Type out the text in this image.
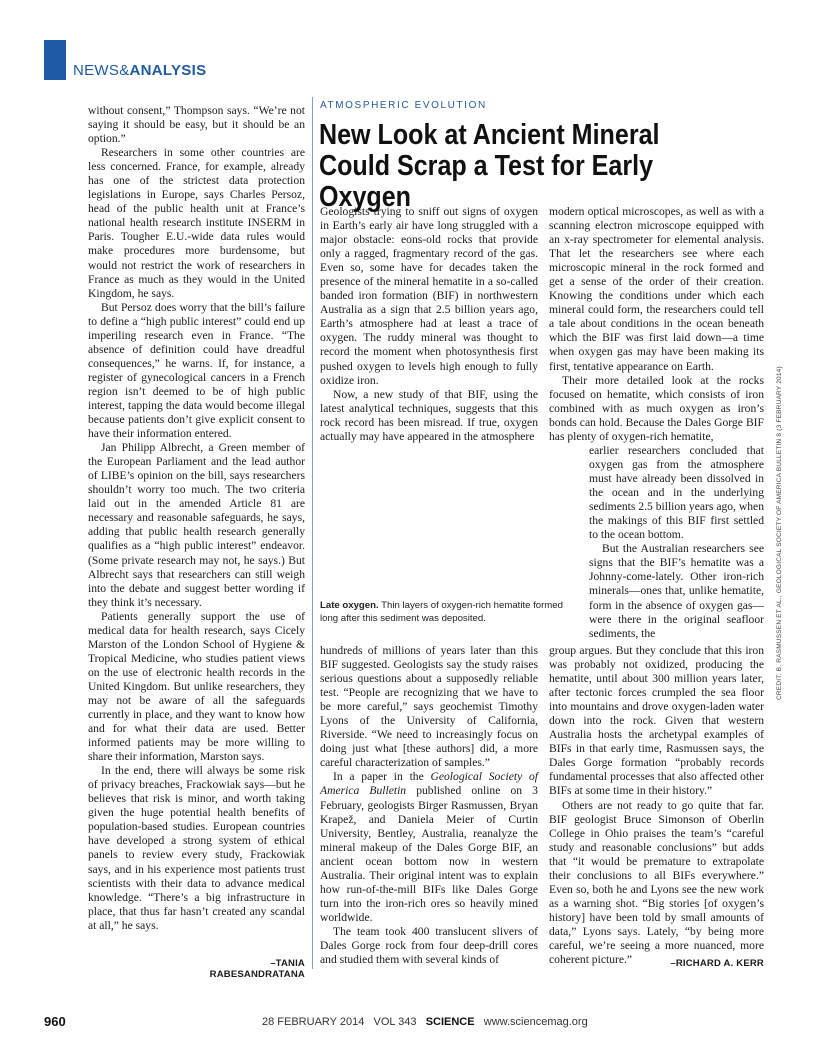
NEWS&ANALYSIS

without consent,” Thompson says. “We’re not saying it should be easy, but it should be an option.”

Researchers in some other countries are less concerned. France, for example, already has one of the strictest data protection legislations in Europe, says Charles Persoz, head of the public health unit at France’s national health research institute INSERM in Paris. Tougher E.U.-wide data rules would make procedures more burdensome, but would not restrict the work of researchers in France as much as they would in the United Kingdom, he says.

But Persoz does worry that the bill’s failure to define a “high public interest” could end up imperiling research even in France. “The absence of definition could have dreadful consequences,” he warns. If, for instance, a register of gynecological cancers in a French region isn’t deemed to be of high public interest, tapping the data would become illegal because patients don’t give explicit consent to have their information entered.

Jan Philipp Albrecht, a Green member of the European Parliament and the lead author of LIBE’s opinion on the bill, says researchers shouldn’t worry too much. The two criteria laid out in the amended Article 81 are necessary and reasonable safeguards, he says, adding that public health research generally qualifies as a “high public interest” endeavor. (Some private research may not, he says.) But Albrecht says that researchers can still weigh into the debate and suggest better wording if they think it’s necessary.

Patients generally support the use of medical data for health research, says Cicely Marston of the London School of Hygiene & Tropical Medicine, who studies patient views on the use of electronic health records in the United Kingdom. But unlike researchers, they may not be aware of all the safeguards currently in place, and they want to know how and for what their data are used. Better informed patients may be more willing to share their information, Marston says.

In the end, there will always be some risk of privacy breaches, Frackowiak says—but he believes that risk is minor, and worth taking given the huge potential health benefits of population-based studies. European countries have developed a strong system of ethical panels to review every study, Frackowiak says, and in his experience most patients trust scientists with their data to advance medical knowledge. “There’s a big infrastructure in place, that thus far hasn’t created any scandal at all,” he says.

–TANIA RABESANDRATANA
ATMOSPHERIC EVOLUTION
New Look at Ancient Mineral Could Scrap a Test for Early Oxygen

Geologists trying to sniff out signs of oxygen in Earth’s early air have long struggled with a major obstacle: eons-old rocks that provide only a ragged, fragmentary record of the gas. Even so, some have for decades taken the presence of the mineral hematite in a so-called banded iron formation (BIF) in northwestern Australia as a sign that 2.5 billion years ago, Earth’s atmosphere had at least a trace of oxygen. The ruddy mineral was thought to record the moment when photosynthesis first pushed oxygen to levels high enough to fully oxidize iron.

Now, a new study of that BIF, using the latest analytical techniques, suggests that this rock record has been misread. If true, oxygen actually may have appeared in the atmosphere

Late oxygen. Thin layers of oxygen-rich hematite formed long after this sediment was deposited.

hundreds of millions of years later than this BIF suggested. Geologists say the study raises serious questions about a supposedly reliable test. “People are recognizing that we have to be more careful,” says geochemist Timothy Lyons of the University of California, Riverside. “We need to increasingly focus on doing just what [these authors] did, a more careful characterization of samples.”

In a paper in the Geological Society of America Bulletin published online on 3 February, geologists Birger Rasmussen, Bryan Krapež, and Daniela Meier of Curtin University, Bentley, Australia, reanalyze the mineral makeup of the Dales Gorge BIF, an ancient ocean bottom now in western Australia. Their original intent was to explain how run-of-the-mill BIFs like Dales Gorge turn into the iron-rich ores so heavily mined worldwide.

The team took 400 translucent slivers of Dales Gorge rock from four deep-drill cores and studied them with several kinds of

modern optical microscopes, as well as with a scanning electron microscope equipped with an x-ray spectrometer for elemental analysis. That let the researchers see where each microscopic mineral in the rock formed and get a sense of the order of their creation. Knowing the conditions under which each mineral could form, the researchers could tell a tale about conditions in the ocean beneath which the BIF was first laid down—a time when oxygen gas may have been making its first, tentative appearance on Earth.

Their more detailed look at the rocks focused on hematite, which consists of iron combined with as much oxygen as iron’s bonds can hold. Because the Dales Gorge BIF has plenty of oxygen-rich hematite,

earlier researchers concluded that oxygen gas from the atmosphere must have already been dissolved in the ocean and in the underlying sediments 2.5 billion years ago, when the makings of this BIF first settled to the ocean bottom.

But the Australian researchers see signs that the BIF’s hematite was a Johnny-come-lately. Other iron-rich minerals—ones that, unlike hematite, form in the absence of oxygen gas—were there in the original seafloor sediments, the

group argues. But they conclude that this iron was probably not oxidized, producing the hematite, until about 300 million years later, after tectonic forces crumpled the sea floor into mountains and drove oxygen-laden water down into the rock. Given that western Australia hosts the archetypal examples of BIFs in that early time, Rasmussen says, the Dales Gorge formation “probably records fundamental processes that also affected other BIFs at some time in their history.”

Others are not ready to go quite that far. BIF geologist Bruce Simonson of Oberlin College in Ohio praises the team’s “careful study and reasonable conclusions” but adds that “it would be premature to extrapolate their conclusions to all BIFs everywhere.” Even so, both he and Lyons see the new work as a warning shot. “Big stories [of oxygen’s history] have been told by small amounts of data,” Lyons says. Lately, “by being more careful, we’re seeing a more nuanced, more coherent picture.”	–RICHARD A. KERR
CREDIT: B. RASMUSSEN ET AL., GEOLOGICAL SOCIETY OF AMERICA BULLETIN 8 (3 FEBRUARY 2014)
960	28 FEBRUARY 2014 VOL 343 SCIENCE www.sciencemag.org
